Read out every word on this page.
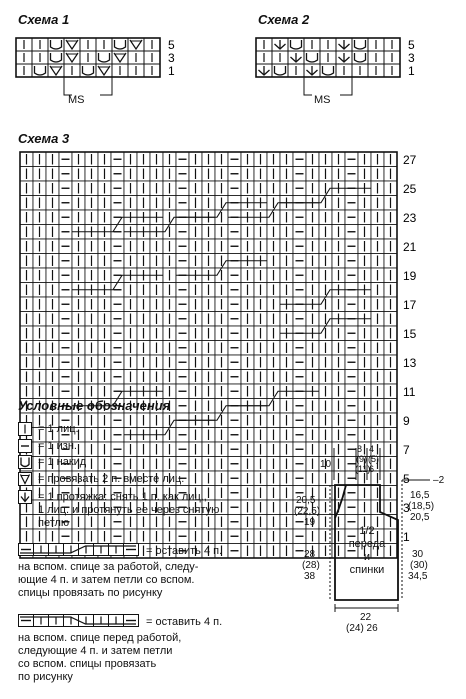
Схема 1
5
3
1
MS
Схема 2
5
3
1
MS
Схема 3
27
25
23
21
19
17
15
13
11
9
7
5
3
1
Условные обозначения
= 1 лиц.
= 1 изн.
= 1 накид
= провязать 2 п. вместе лиц.
= 1 протяжка: снять 1 п. как лиц.,
1 лиц. и протянуть ее через снятую
петлю
= оставить 4 п.
на вспом. спице за работой, следу-
ющие 4 п. и затем петли со вспом.
спицы провязать по рисунку
= оставить 4 п.
на вспом. спице перед работой,
следующие 4 п. и затем петли
со вспом. спицы провязать
по рисунку
10
8
(9)
(11)
4
(5)
6
20,5
(22,5)
19
28
(28)
38
–2
16,5
(18,5)
20,5
30
(30)
34,5
22
(24) 26
1/2
переда
и
спинки
